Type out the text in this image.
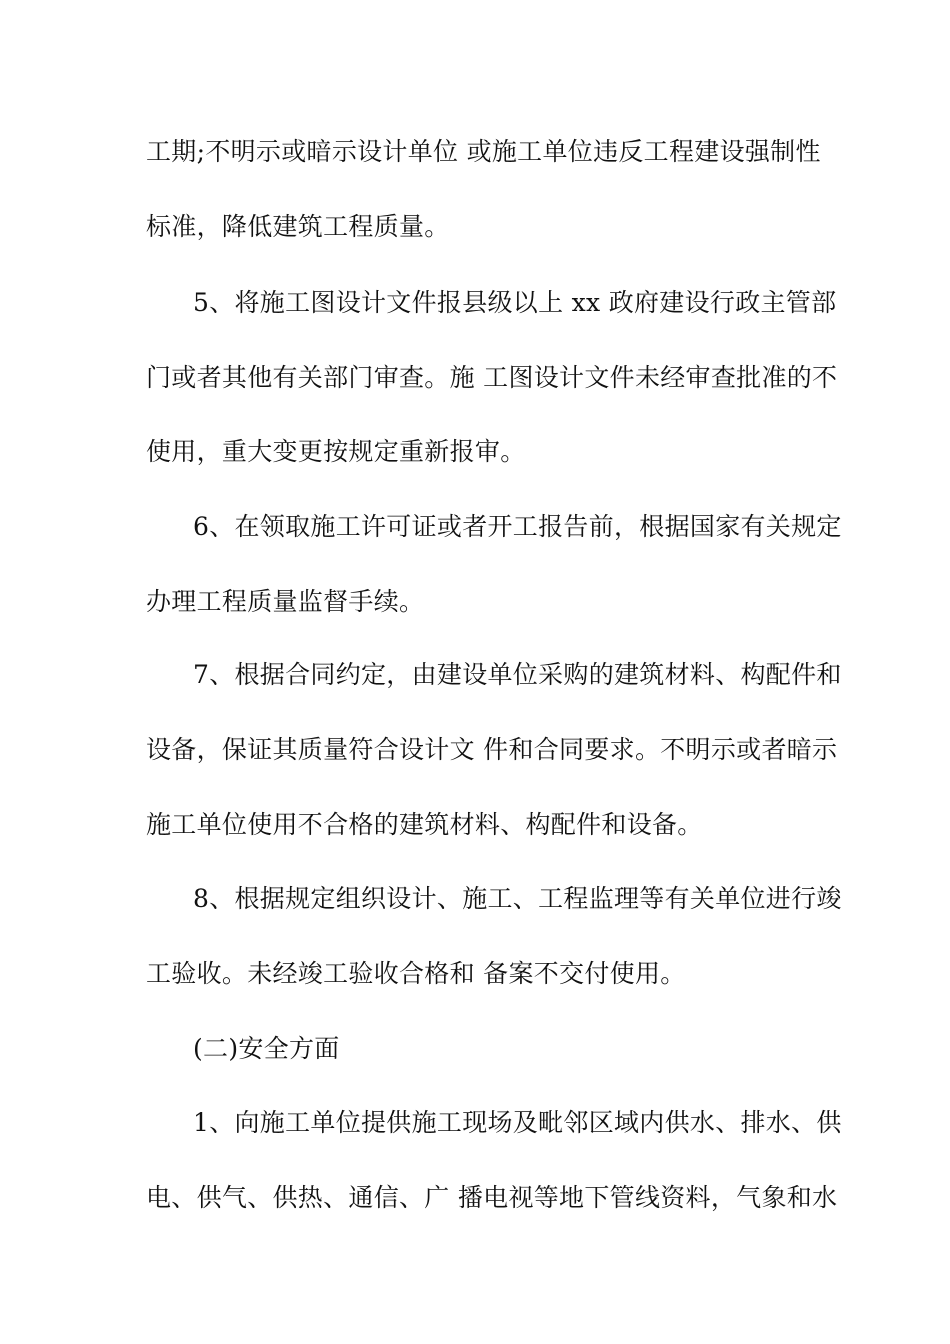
工期;不明示或暗示设计单位 或施工单位违反工程建设强制性
标准，降低建筑工程质量。
5、将施工图设计文件报县级以上 xx 政府建设行政主管部
门或者其他有关部门审查。施 工图设计文件未经审查批准的不
使用，重大变更按规定重新报审。
6、在领取施工许可证或者开工报告前，根据国家有关规定
办理工程质量监督手续。
7、根据合同约定，由建设单位采购的建筑材料、构配件和
设备，保证其质量符合设计文 件和合同要求。不明示或者暗示
施工单位使用不合格的建筑材料、构配件和设备。
8、根据规定组织设计、施工、工程监理等有关单位进行竣
工验收。未经竣工验收合格和 备案不交付使用。
(二)安全方面
1、向施工单位提供施工现场及毗邻区域内供水、排水、供
电、供气、供热、通信、广 播电视等地下管线资料，气象和水
